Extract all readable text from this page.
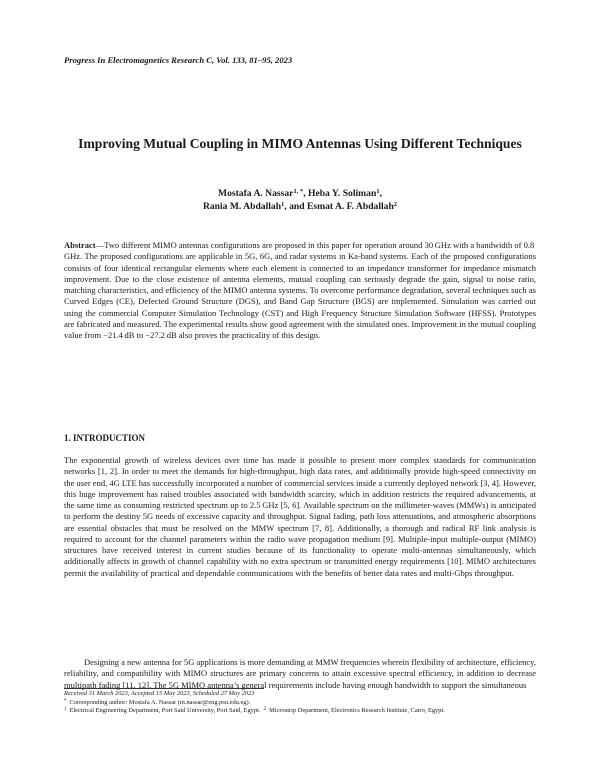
Progress In Electromagnetics Research C, Vol. 133, 81–95, 2023
Improving Mutual Coupling in MIMO Antennas Using Different Techniques
Mostafa A. Nassar$^{1, *}$, Heba Y. Soliman$^1$,
Rania M. Abdallah$^1$, and Esmat A. F. Abdallah$^2$
Abstract—Two different MIMO antennas configurations are proposed in this paper for operation around 30 GHz with a bandwidth of 0.8 GHz. The proposed configurations are applicable in 5G, 6G, and radar systems in Ka-band systems. Each of the proposed configurations consists of four identical rectangular elements where each element is connected to an impedance transformer for impedance mismatch improvement. Due to the close existence of antenna elements, mutual coupling can seriously degrade the gain, signal to noise ratio, matching characteristics, and efficiency of the MIMO antenna systems. To overcome performance degradation, several techniques such as Curved Edges (CE), Defected Ground Structure (DGS), and Band Gap Structure (BGS) are implemented. Simulation was carried out using the commercial Computer Simulation Technology (CST) and High Frequency Structure Simulation Software (HFSS). Prototypes are fabricated and measured. The experimental results show good agreement with the simulated ones. Improvement in the mutual coupling value from −21.4 dB to −27.2 dB also proves the practicality of this design.
1. INTRODUCTION

The exponential growth of wireless devices over time has made it possible to present more complex standards for communication networks [1, 2]. In order to meet the demands for high-throughput, high data rates, and additionally provide high-speed connectivity on the user end, 4G LTE has successfully incorporated a number of commercial services inside a currently deployed network [3, 4]. However, this huge improvement has raised troubles associated with bandwidth scarcity, which in addition restricts the required advancements, at the same time as consuming restricted spectrum up to 2.5 GHz [5, 6]. Available spectrum on the millimeter-waves (MMWs) is anticipated to perform the destiny 5G needs of excessive capacity and throughput. Signal fading, path loss attenuations, and atmospheric absorptions are essential obstacles that must be resolved on the MMW spectrum [7, 8]. Additionally, a thorough and radical RF link analysis is required to account for the channel parameters within the radio wave propagation medium [9]. Multiple-input multiple-output (MIMO) structures have received interest in current studies because of its functionality to operate multi-antennas simultaneously, which additionally affects in growth of channel capability with no extra spectrum or transmitted energy requirements [10]. MIMO architectures permit the availability of practical and dependable communications with the benefits of better data rates and multi-Gbps throughput.

Designing a new antenna for 5G applications is more demanding at MMW frequencies wherein flexibility of architecture, efficiency, reliability, and compatibility with MIMO structures are primary concerns to attain excessive spectral efficiency, in addition to decrease multipath fading [11, 12]. The 5G MIMO antenna’s general requirements include having enough bandwidth to support the simultaneous

Received 31 March 2023, Accepted 15 May 2023, Scheduled 27 May 2023
* Corresponding author: Mostafa A. Nassar (m.nassar@eng.psu.edu.eg).
$^1$ Electrical Engineering Department, Port Said University, Port Said, Egypt. $^2$ Microstrip Department, Electronics Research Institute, Cairo, Egypt.
